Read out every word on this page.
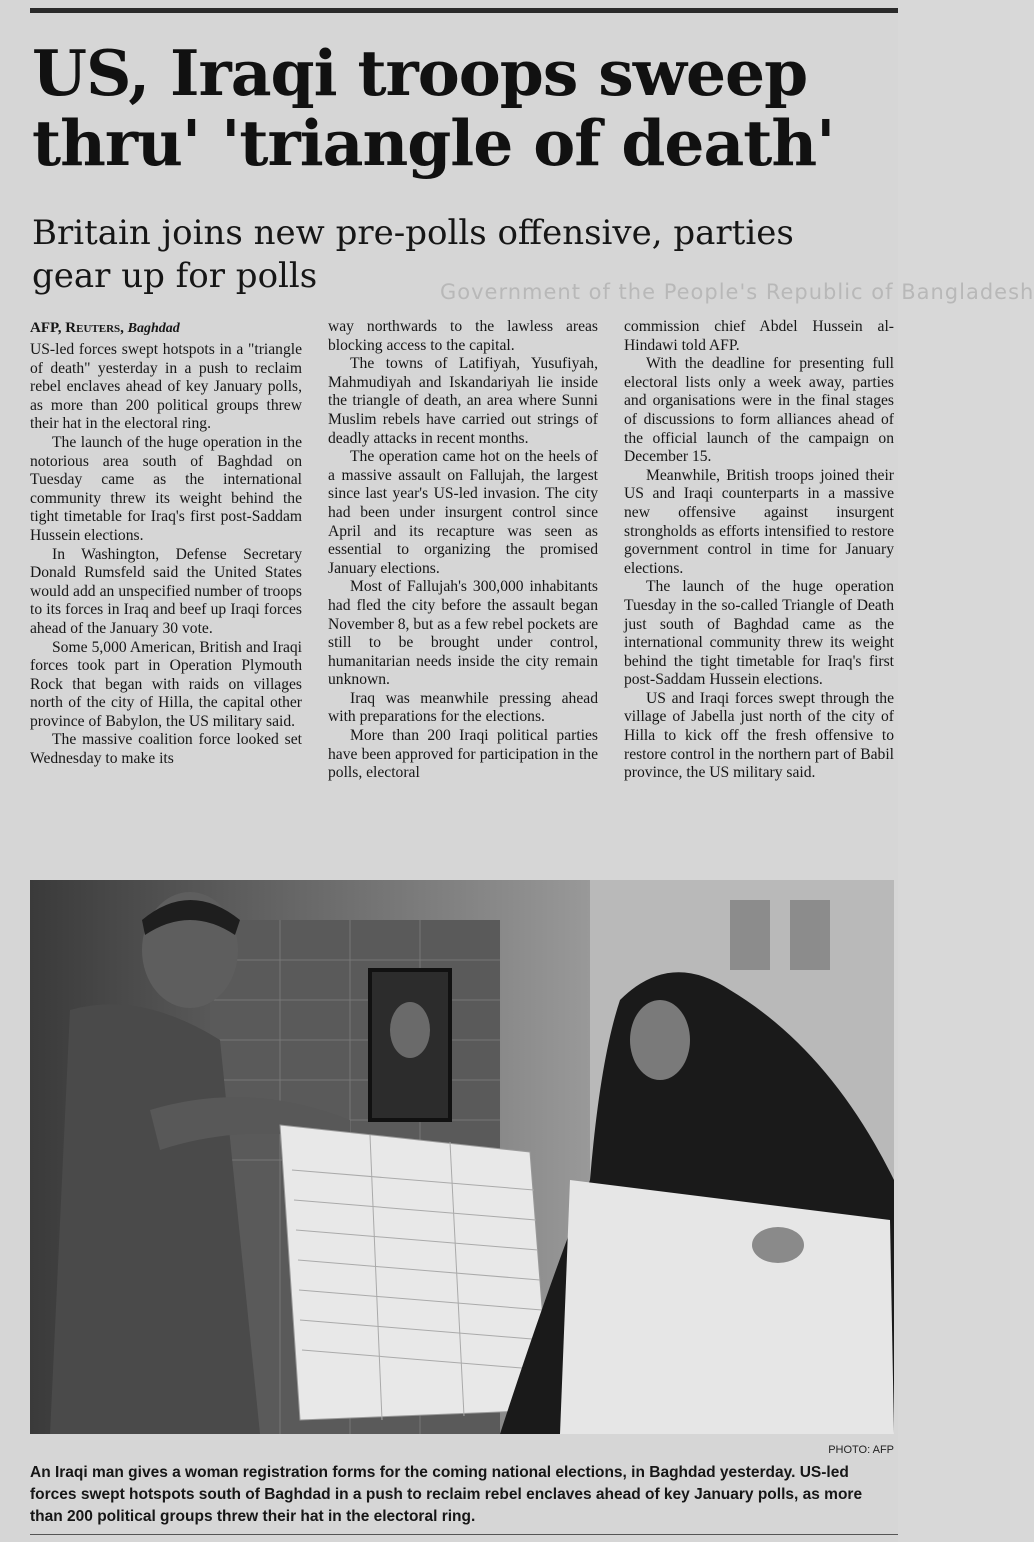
US, Iraqi troops sweep thru' 'triangle of death'
Britain joins new pre-polls offensive, parties gear up for polls	Government of the People's Republic of Bangladesh
AFP, Reuters, Baghdad

US-led forces swept hotspots in a "triangle of death" yesterday in a push to reclaim rebel enclaves ahead of key January polls, as more than 200 political groups threw their hat in the electoral ring.

The launch of the huge operation in the notorious area south of Baghdad on Tuesday came as the international community threw its weight behind the tight timetable for Iraq's first post-Saddam Hussein elections.

In Washington, Defense Secretary Donald Rumsfeld said the United States would add an unspecified number of troops to its forces in Iraq and beef up Iraqi forces ahead of the January 30 vote.

Some 5,000 American, British and Iraqi forces took part in Operation Plymouth Rock that began with raids on villages north of the city of Hilla, the capital other province of Babylon, the US military said.

The massive coalition force looked set Wednesday to make its

way northwards to the lawless areas blocking access to the capital.

The towns of Latifiyah, Yusufiyah, Mahmudiyah and Iskandariyah lie inside the triangle of death, an area where Sunni Muslim rebels have carried out strings of deadly attacks in recent months.

The operation came hot on the heels of a massive assault on Fallujah, the largest since last year's US-led invasion. The city had been under insurgent control since April and its recapture was seen as essential to organizing the promised January elections.

Most of Fallujah's 300,000 inhabitants had fled the city before the assault began November 8, but as a few rebel pockets are still to be brought under control, humanitarian needs inside the city remain unknown.

Iraq was meanwhile pressing ahead with preparations for the elections.

More than 200 Iraqi political parties have been approved for participation in the polls, electoral

commission chief Abdel Hussein al-Hindawi told AFP.

With the deadline for presenting full electoral lists only a week away, parties and organisations were in the final stages of discussions to form alliances ahead of the official launch of the campaign on December 15.

Meanwhile, British troops joined their US and Iraqi counterparts in a massive new offensive against insurgent strongholds as efforts intensified to restore government control in time for January elections.

The launch of the huge operation Tuesday in the so-called Triangle of Death just south of Baghdad came as the international community threw its weight behind the tight timetable for Iraq's first post-Saddam Hussein elections.

US and Iraqi forces swept through the village of Jabella just north of the city of Hilla to kick off the fresh offensive to restore control in the northern part of Babil province, the US military said.

PHOTO: AFP

An Iraqi man gives a woman registration forms for the coming national elections, in Baghdad yesterday. US-led forces swept hotspots south of Baghdad in a push to reclaim rebel enclaves ahead of key January polls, as more than 200 political groups threw their hat in the electoral ring.
